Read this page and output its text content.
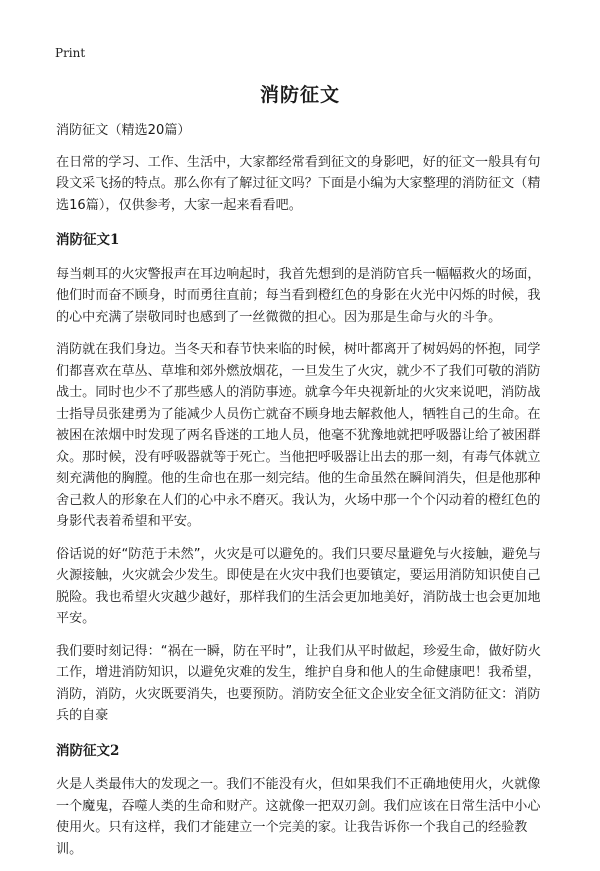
Print
消防征文

消防征文（精选20篇）

在日常的学习、工作、生活中，大家都经常看到征文的身影吧，好的征文一般具有句段文采飞扬的特点。那么你有了解过征文吗？下面是小编为大家整理的消防征文（精选16篇），仅供参考，大家一起来看看吧。

消防征文1

每当刺耳的火灾警报声在耳边响起时，我首先想到的是消防官兵一幅幅救火的场面，他们时而奋不顾身，时而勇往直前；每当看到橙红色的身影在火光中闪烁的时候，我的心中充满了崇敬同时也感到了一丝微微的担心。因为那是生命与火的斗争。

消防就在我们身边。当冬天和春节快来临的时候，树叶都离开了树妈妈的怀抱，同学们都喜欢在草丛、草堆和郊外燃放烟花，一旦发生了火灾，就少不了我们可敬的消防战士。同时也少不了那些感人的消防事迹。就拿今年央视新址的火灾来说吧，消防战士指导员张建勇为了能减少人员伤亡就奋不顾身地去解救他人，牺牲自己的生命。在被困在浓烟中时发现了两名昏迷的工地人员，他毫不犹豫地就把呼吸器让给了被困群众。那时候，没有呼吸器就等于死亡。当他把呼吸器让出去的那一刻，有毒气体就立刻充满他的胸膛。他的生命也在那一刻完结。他的生命虽然在瞬间消失，但是他那种舍己救人的形象在人们的心中永不磨灭。我认为，火场中那一个个闪动着的橙红色的身影代表着希望和平安。

俗话说的好“防范于未然”，火灾是可以避免的。我们只要尽量避免与火接触，避免与火源接触，火灾就会少发生。即使是在火灾中我们也要镇定，要运用消防知识使自己脱险。我也希望火灾越少越好，那样我们的生活会更加地美好，消防战士也会更加地平安。

我们要时刻记得：“祸在一瞬，防在平时”，让我们从平时做起，珍爱生命，做好防火工作，增进消防知识，以避免灾难的发生，维护自身和他人的生命健康吧！我希望，消防，消防，火灾既要消失，也要预防。消防安全征文企业安全征文消防征文：消防兵的自豪

消防征文2

火是人类最伟大的发现之一。我们不能没有火，但如果我们不正确地使用火，火就像一个魔鬼，吞噬人类的生命和财产。这就像一把双刃剑。我们应该在日常生活中小心使用火。只有这样，我们才能建立一个完美的家。让我告诉你一个我自己的经验教训。
